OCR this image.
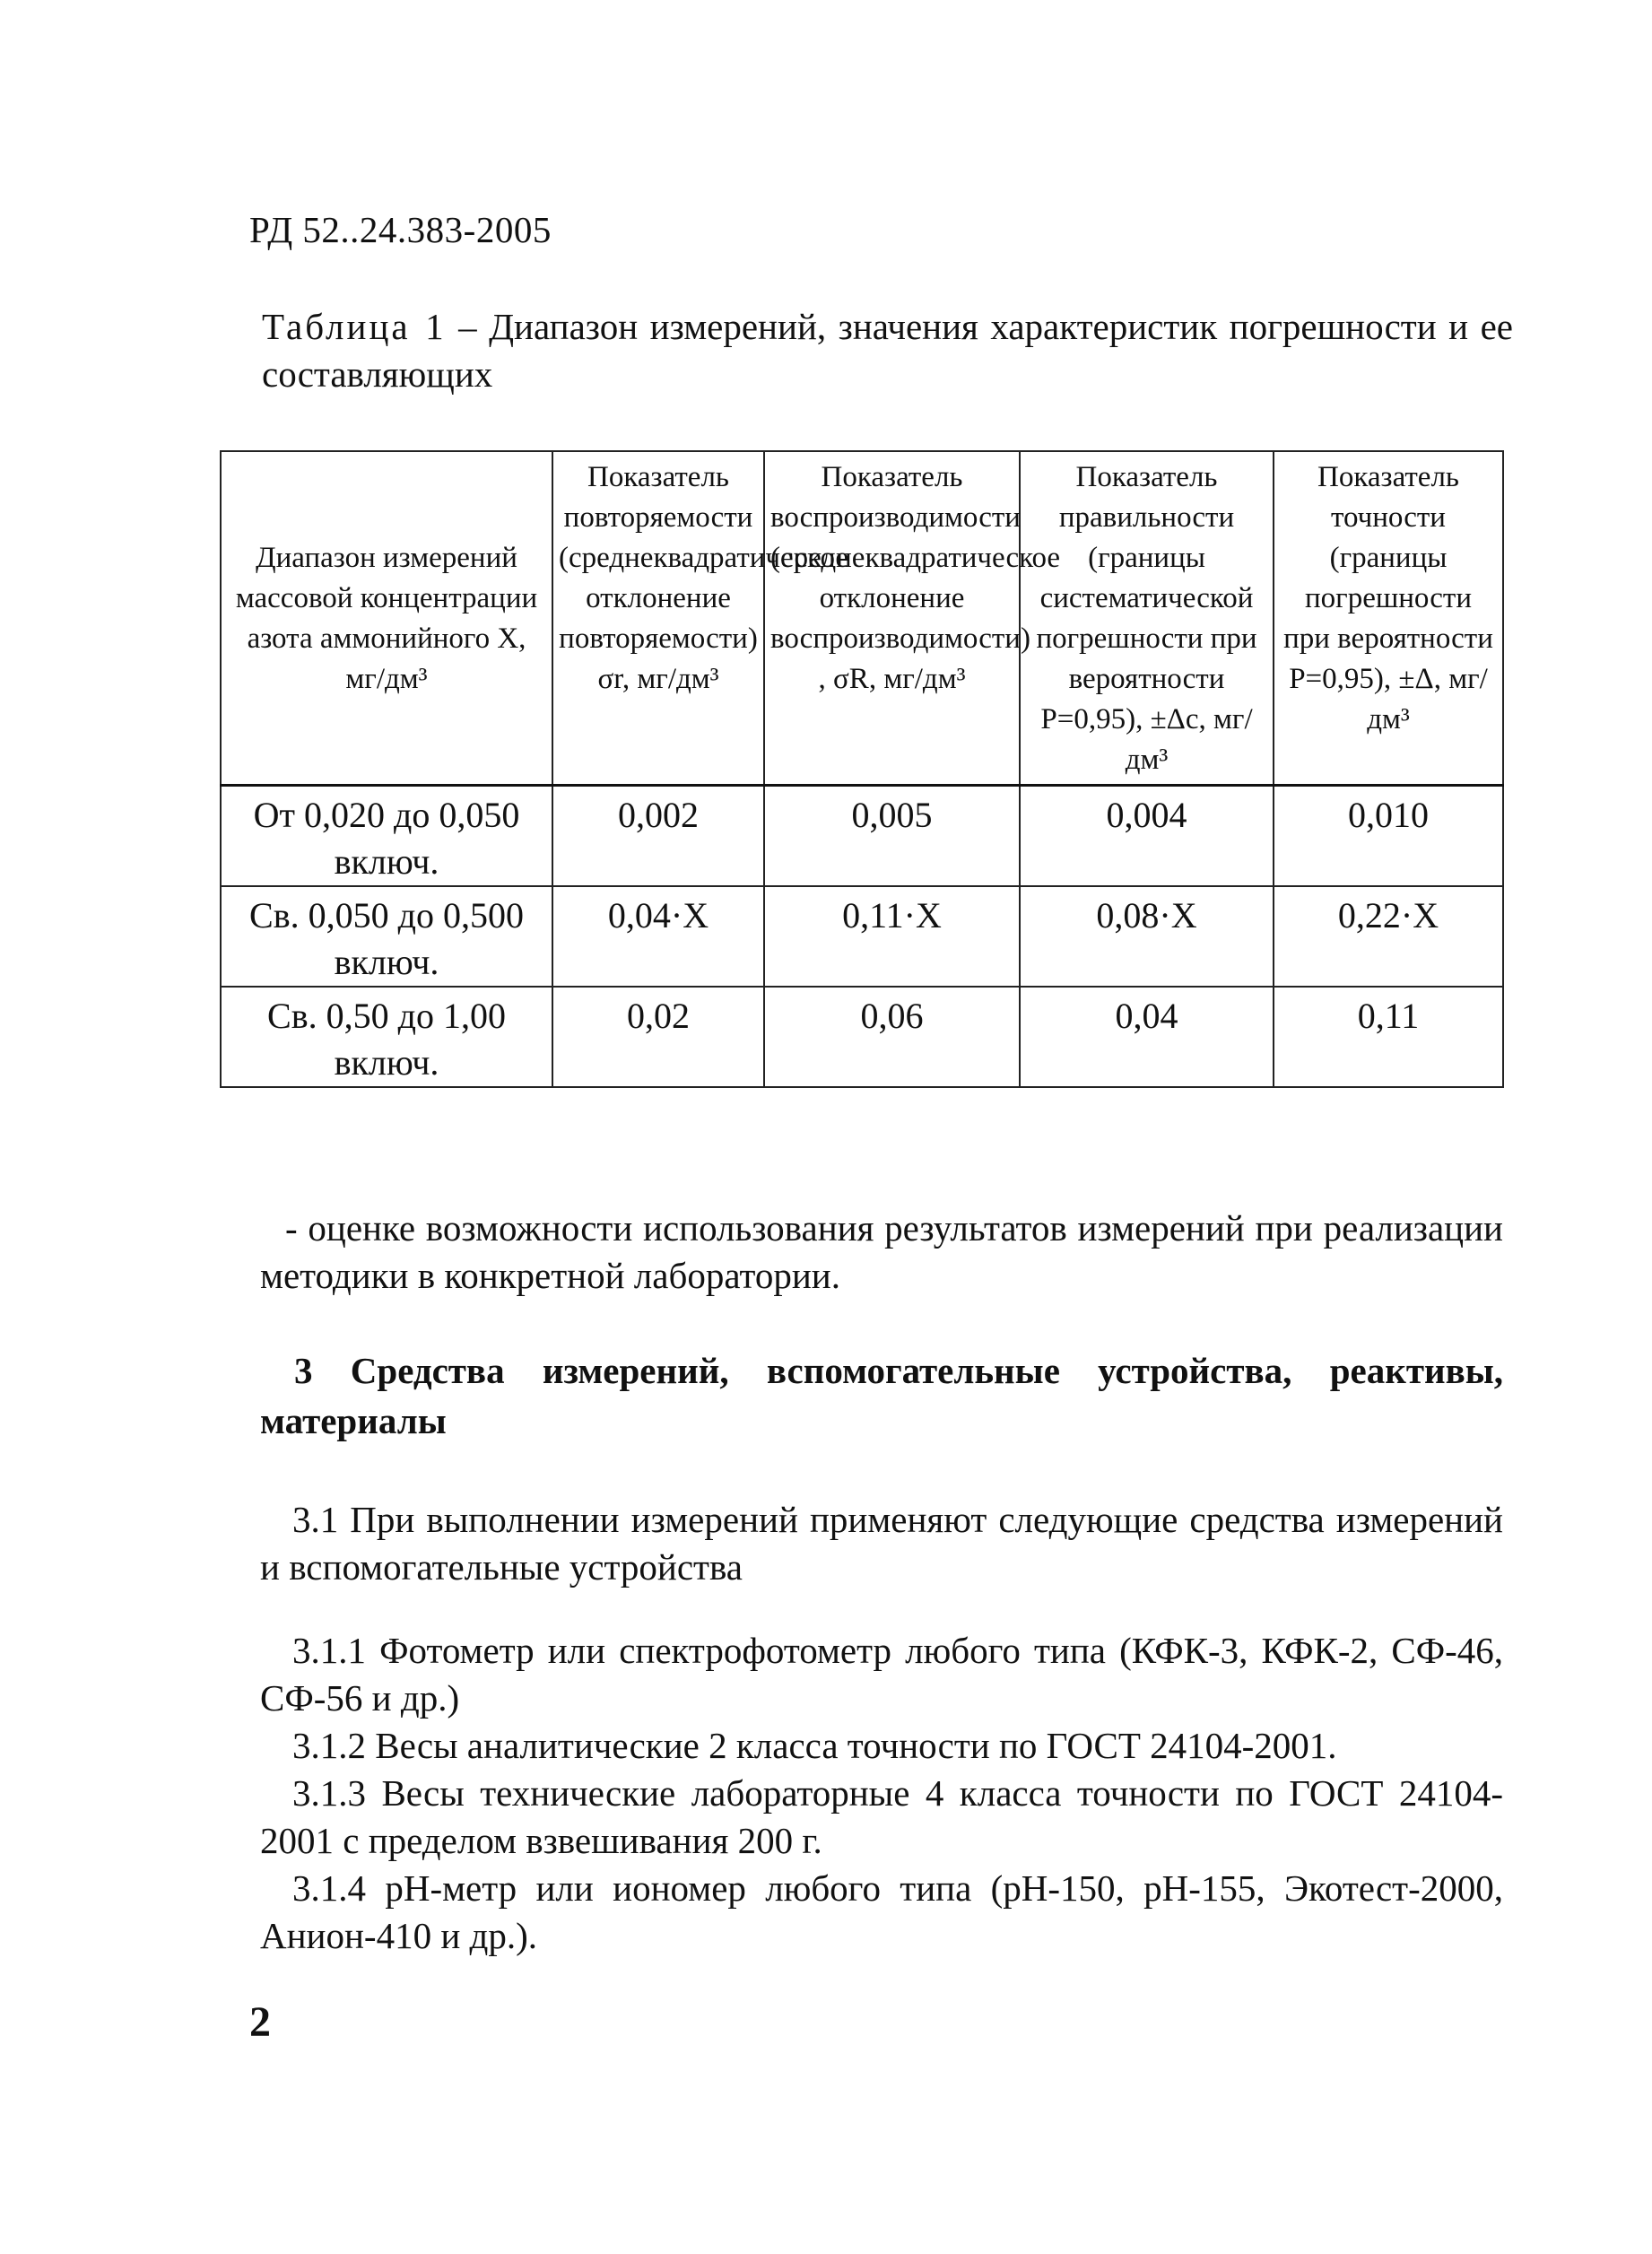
РД 52..24.383-2005
Таблица 1 – Диапазон измерений, значения характеристик погрешности и ее составляющих
Диапазон измерений массовой концентрации азота аммонийного X, мг/дм³	Показатель повторяемости (среднеквадратическое отклонение повторяемости) σr, мг/дм³	Показатель воспроизводимости (среднеквадратическое отклонение воспроизводимости) , σR, мг/дм³	Показатель правильности (границы систематической погрешности при вероятности P=0,95), ±Δс, мг/дм³	Показатель точности (границы погрешности при вероятности P=0,95), ±Δ, мг/дм³
От 0,020 до 0,050 включ.	0,002	0,005	0,004	0,010
Св. 0,050 до 0,500 включ.	0,04·X	0,11·X	0,08·X	0,22·X
Св. 0,50 до 1,00 включ.	0,02	0,06	0,04	0,11
- оценке возможности использования результатов измерений при реализации методики в конкретной лаборатории.
3 Средства измерений, вспомогательные устройства, реактивы, материалы
3.1 При выполнении измерений применяют следующие средства измерений и вспомогательные устройства
3.1.1 Фотометр или спектрофотометр любого типа (КФК-3, КФК-2, СФ-46, СФ-56 и др.)
3.1.2 Весы аналитические 2 класса точности по ГОСТ 24104-2001.
3.1.3 Весы технические лабораторные 4 класса точности по ГОСТ 24104-2001 с пределом взвешивания 200 г.
3.1.4 pH-метр или иономер любого типа (pH-150, pH-155, Экотест-2000, Анион-410 и др.).
2
